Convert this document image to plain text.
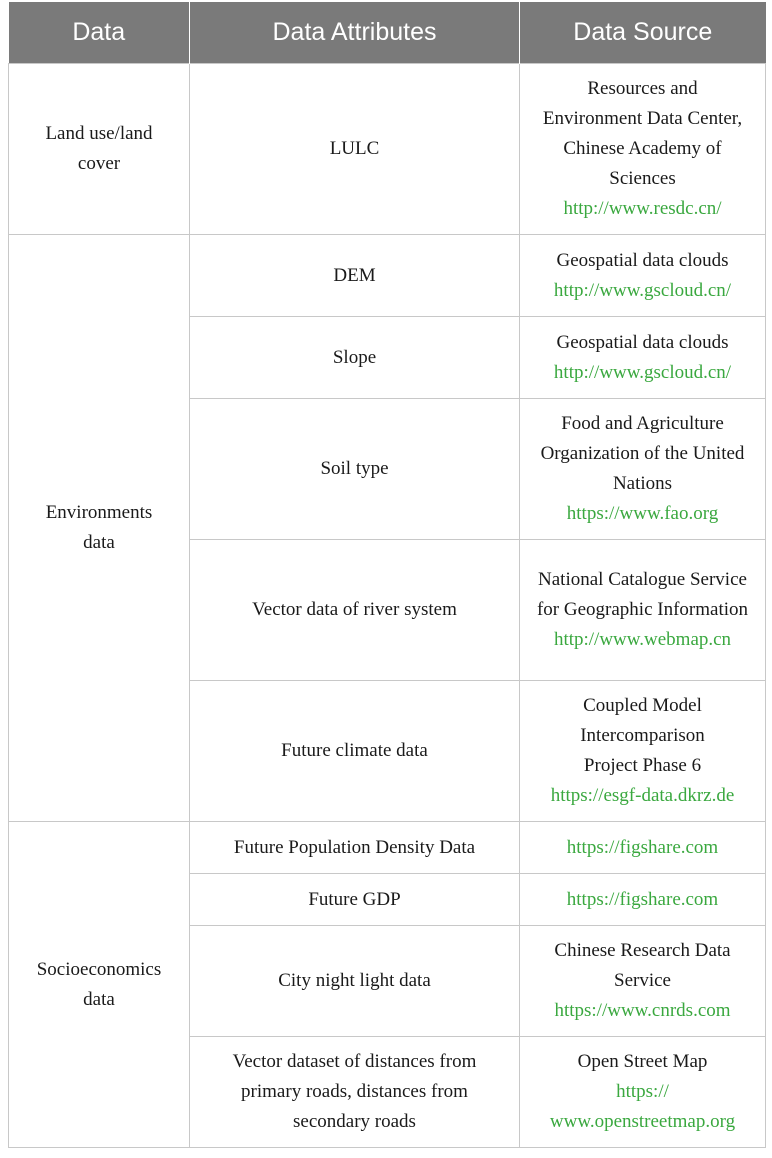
Data	Data Attributes	Data Source
Land use/land cover	LULC	Resources and Environment Data Center, Chinese Academy of Sciences
http://www.resdc.cn/

Environments data	DEM	Geospatial data clouds
http://www.gscloud.cn/

	Slope	Geospatial data clouds
http://www.gscloud.cn/

	Soil type	Food and Agriculture Organization of the United Nations
https://www.fao.org

	Vector data of river system	National Catalogue Service for Geographic Information
http://www.webmap.cn

	Future climate data	Coupled Model Intercomparison Project Phase 6
https://esgf-data.dkrz.de

Socioeconomics data	Future Population Density Data	https://figshare.com

	Future GDP	https://figshare.com

	City night light data	Chinese Research Data Service
https://www.cnrds.com

	Vector dataset of distances from primary roads, distances from secondary roads	Open Street Map
https:// www.openstreetmap.org
